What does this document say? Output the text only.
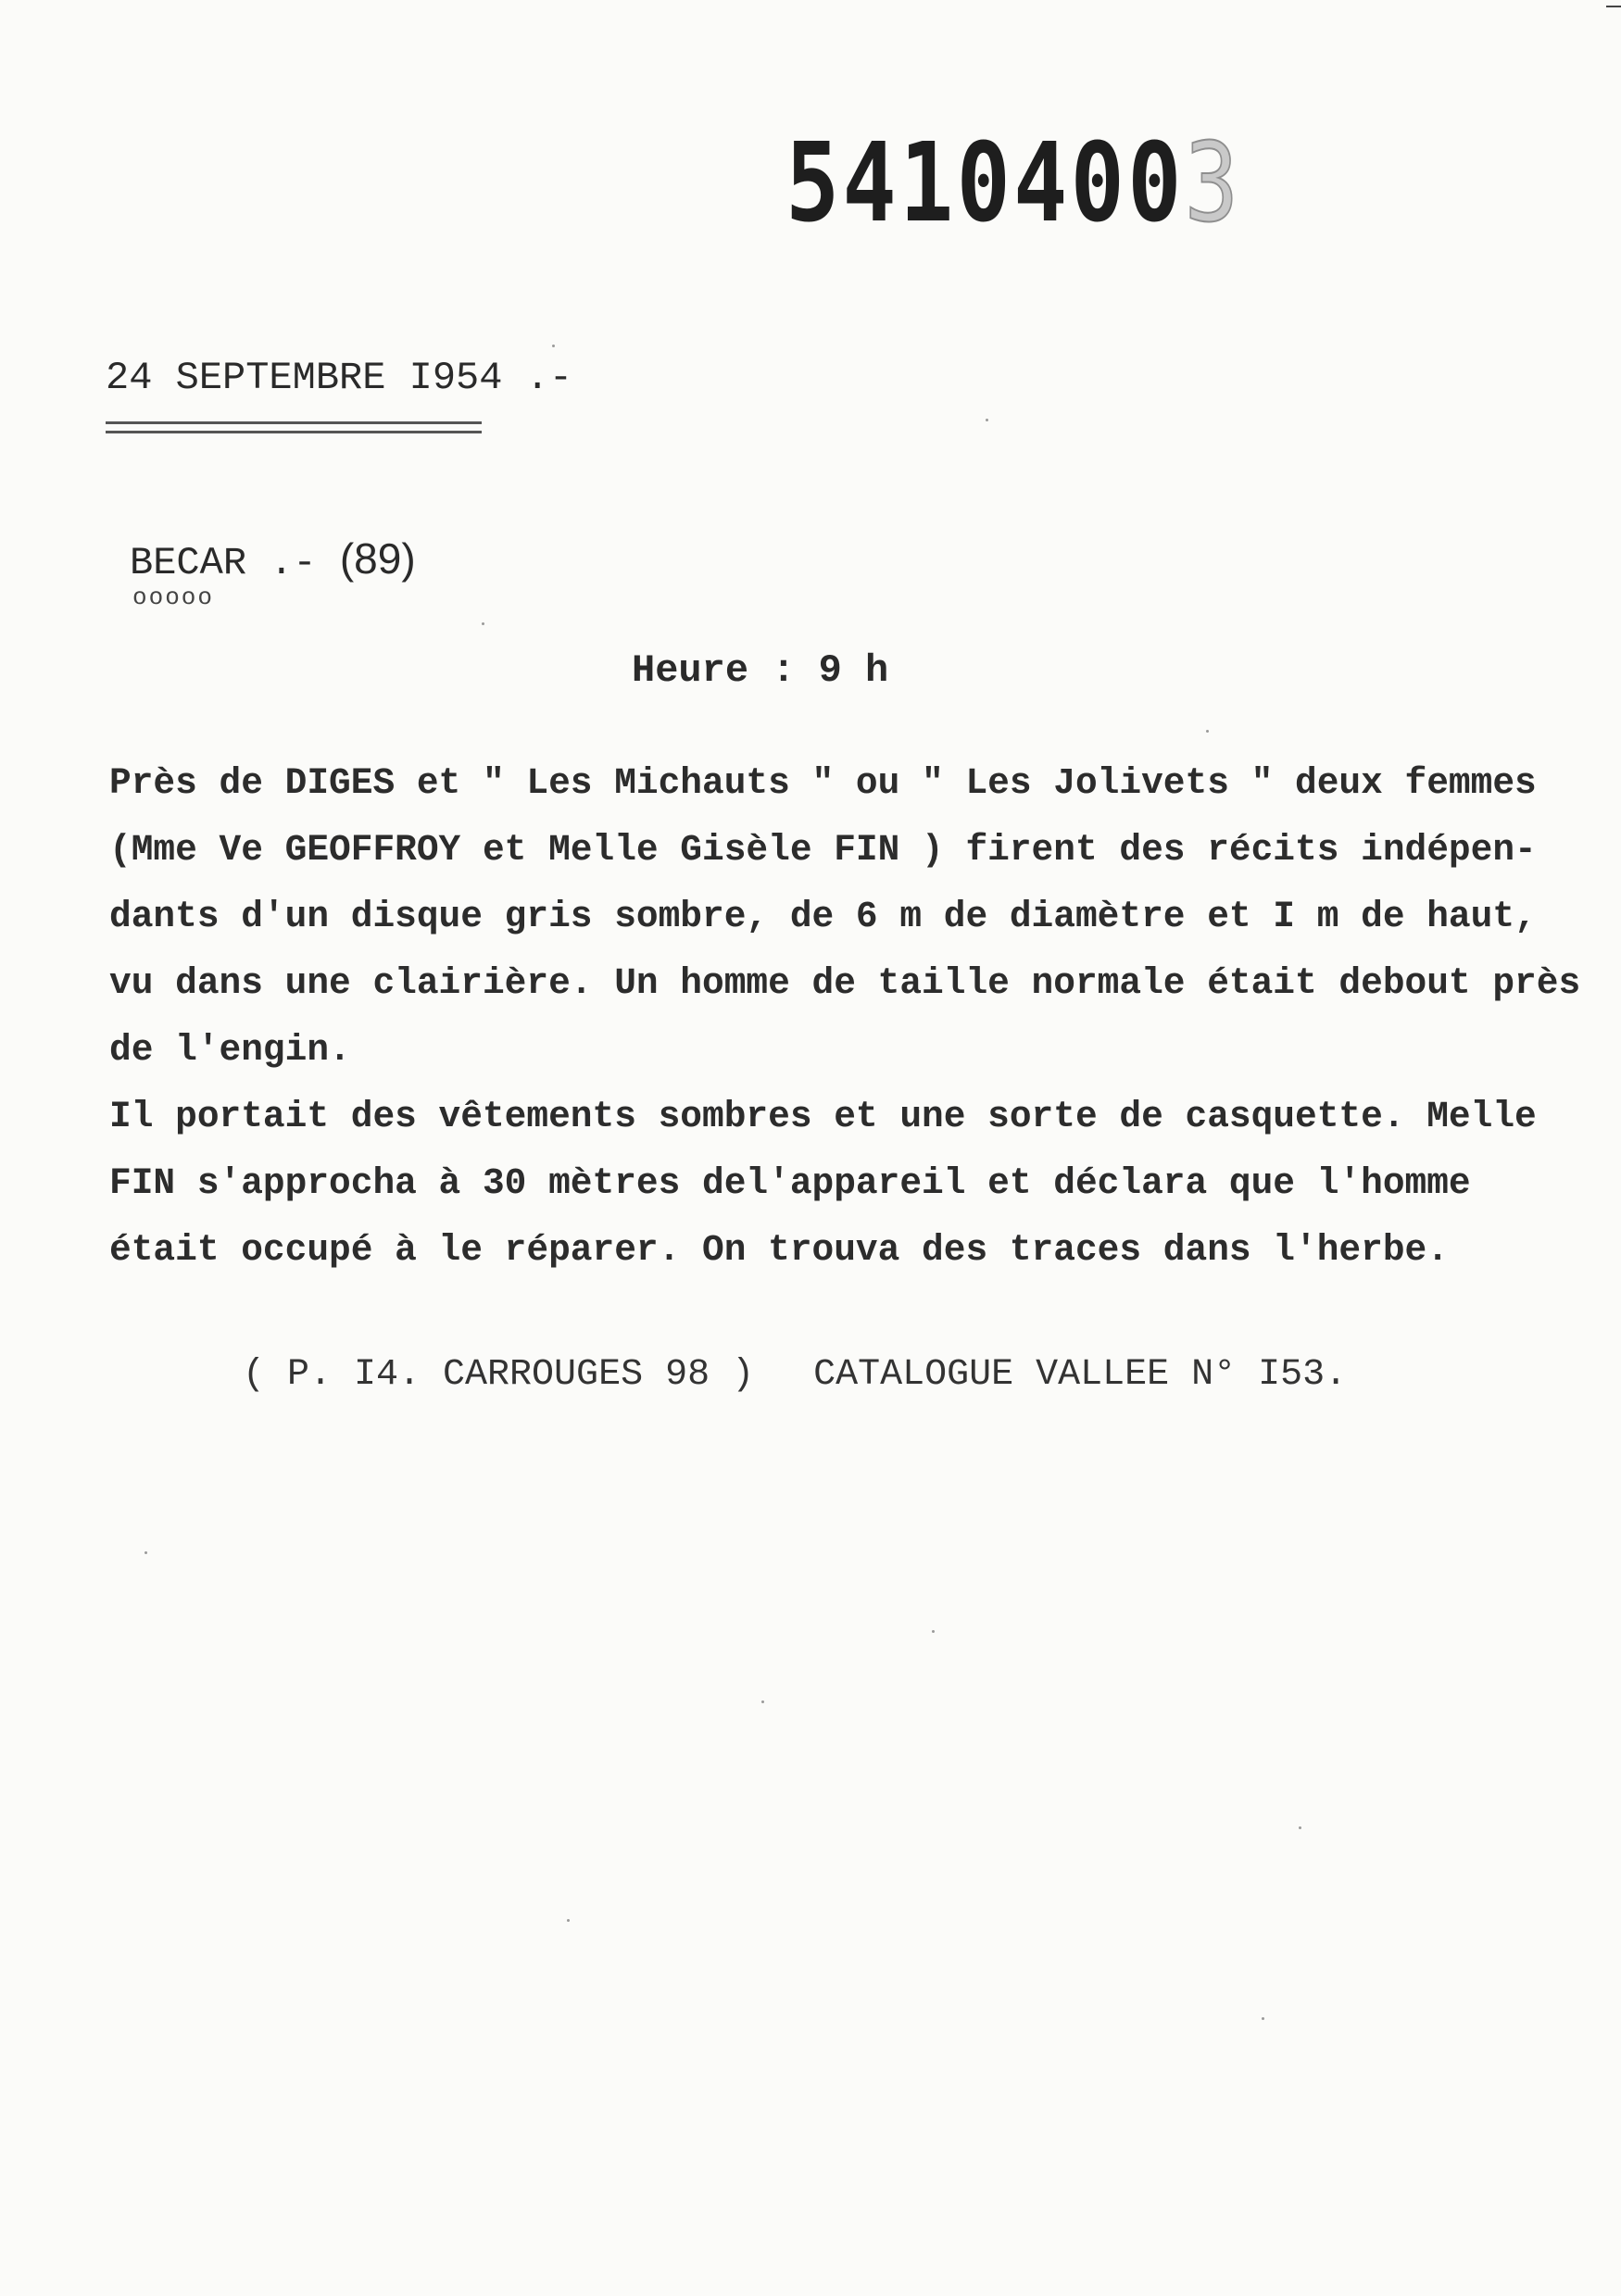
54104003
24 SEPTEMBRE I954 .-
BECAR .- (89)
ooooo
Heure : 9 h
Près de DIGES et " Les Michauts " ou " Les Jolivets " deux femmes
(Mme Ve GEOFFROY et Melle Gisèle FIN ) firent des récits indépen-
dants d'un disque gris sombre, de 6 m de diamètre et I m de haut,
vu dans une clairière. Un homme de taille normale était debout près
de l'engin.
Il portait des vêtements sombres et une sorte de casquette. Melle
FIN s'approcha à 30 mètres del'appareil et déclara que l'homme
était occupé à le réparer. On trouva des traces dans l'herbe.
( P. I4. CARROUGES 98 ) CATALOGUE VALLEE N° I53.
